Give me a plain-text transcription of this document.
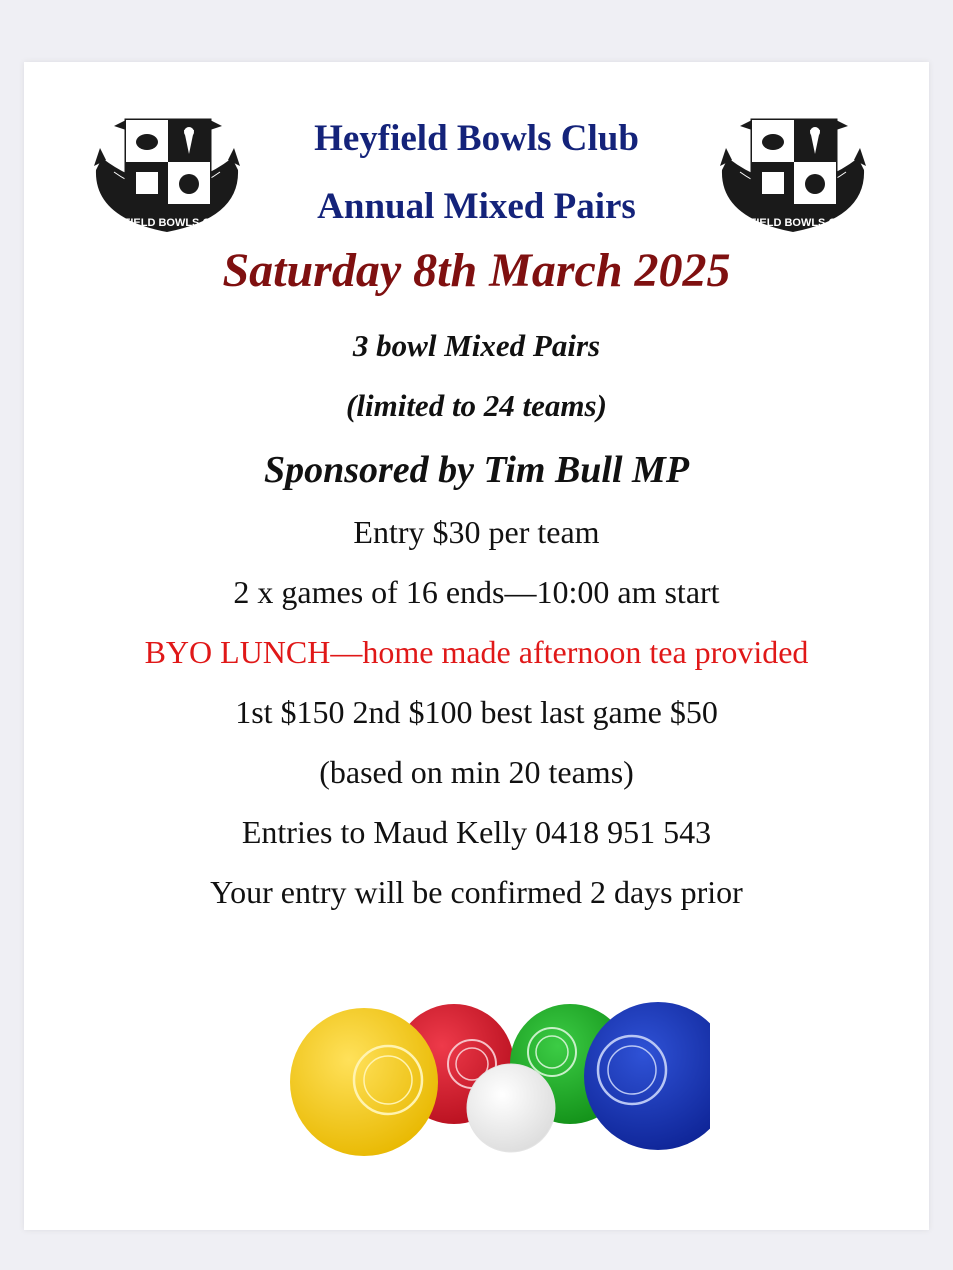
HEYFIELD BOWLS CLUB	HEYFIELD BOWLS CLUB
Heyfield Bowls Club
Annual Mixed Pairs
Saturday 8th March 2025
3 bowl Mixed Pairs
(limited to 24 teams)
Sponsored by Tim Bull MP
Entry $30 per team
2 x games of 16 ends—10:00 am start
BYO LUNCH—home made afternoon tea provided
1st $150 2nd $100 best last game $50
(based on min 20 teams)
Entries to Maud Kelly 0418 951 543
Your entry will be confirmed 2 days prior
